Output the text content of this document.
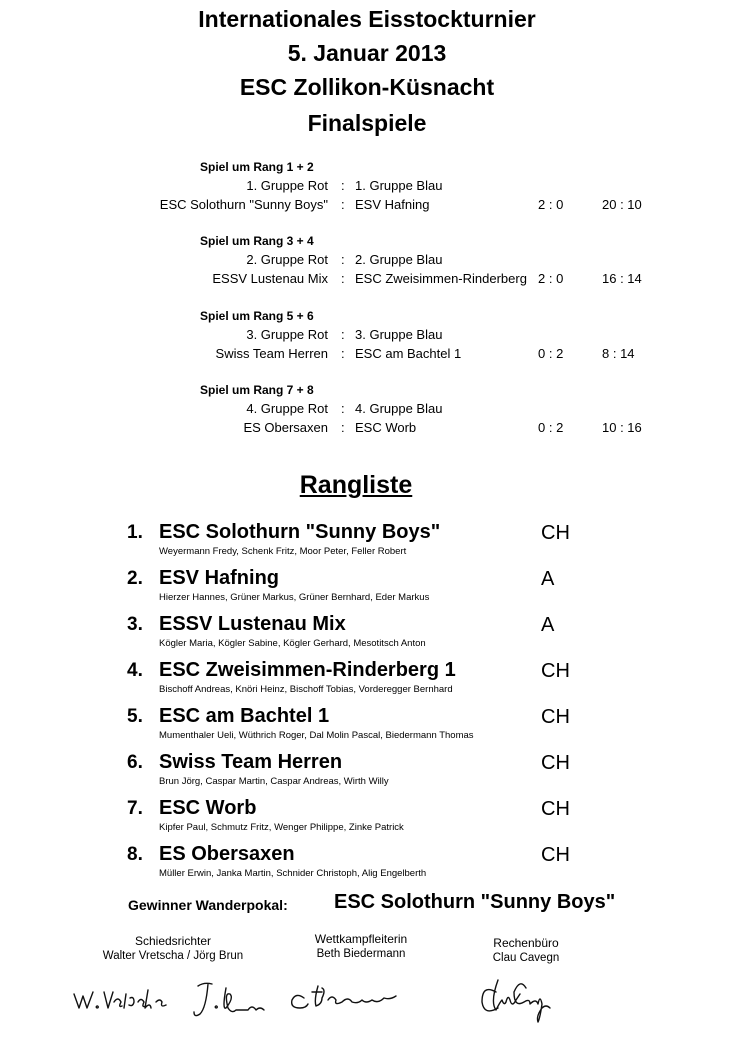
Internationales Eisstockturnier
5. Januar 2013
ESC Zollikon-Küsnacht
Finalspiele
Spiel um Rang 1 + 2
1. Gruppe Rot : 1. Gruppe Blau
ESC Solothurn "Sunny Boys" : ESV Hafning	2 : 0	20 : 10
Spiel um Rang 3 + 4
2. Gruppe Rot : 2. Gruppe Blau
ESSV Lustenau Mix : ESC Zweisimmen-Rinderberg 2 : 0	16 : 14
Spiel um Rang 5 + 6
3. Gruppe Rot : 3. Gruppe Blau
Swiss Team Herren : ESC am Bachtel 1	0 : 2	8 : 14
Spiel um Rang 7 + 8
4. Gruppe Rot : 4. Gruppe Blau
ES Obersaxen : ESC Worb	0 : 2	10 : 16
Rangliste
1. ESC Solothurn "Sunny Boys"	CH
Weyermann Fredy, Schenk Fritz, Moor Peter, Feller Robert
2. ESV Hafning	A
Hierzer Hannes, Grüner Markus, Grüner Bernhard, Eder Markus
3. ESSV Lustenau Mix	A
Kögler Maria, Kögler Sabine, Kögler Gerhard, Mesotitsch Anton
4. ESC Zweisimmen-Rinderberg 1	CH
Bischoff Andreas, Knöri Heinz, Bischoff Tobias, Vorderegger Bernhard
5. ESC am Bachtel 1	CH
Mumenthaler Ueli, Wüthrich Roger, Dal Molin Pascal, Biedermann Thomas
6. Swiss Team Herren	CH
Brun Jörg, Caspar Martin, Caspar Andreas, Wirth Willy
7. ESC Worb	CH
Kipfer Paul, Schmutz Fritz, Wenger Philippe, Zinke Patrick
8. ES Obersaxen	CH
Müller Erwin, Janka Martin, Schnider Christoph, Alig Engelberth
Gewinner Wanderpokal: ESC Solothurn "Sunny Boys"
Schiedsrichter
Walter Vretscha / Jörg Brun
Wettkampfleiterin
Beth Biedermann
Rechenbüro
Clau Cavegn
